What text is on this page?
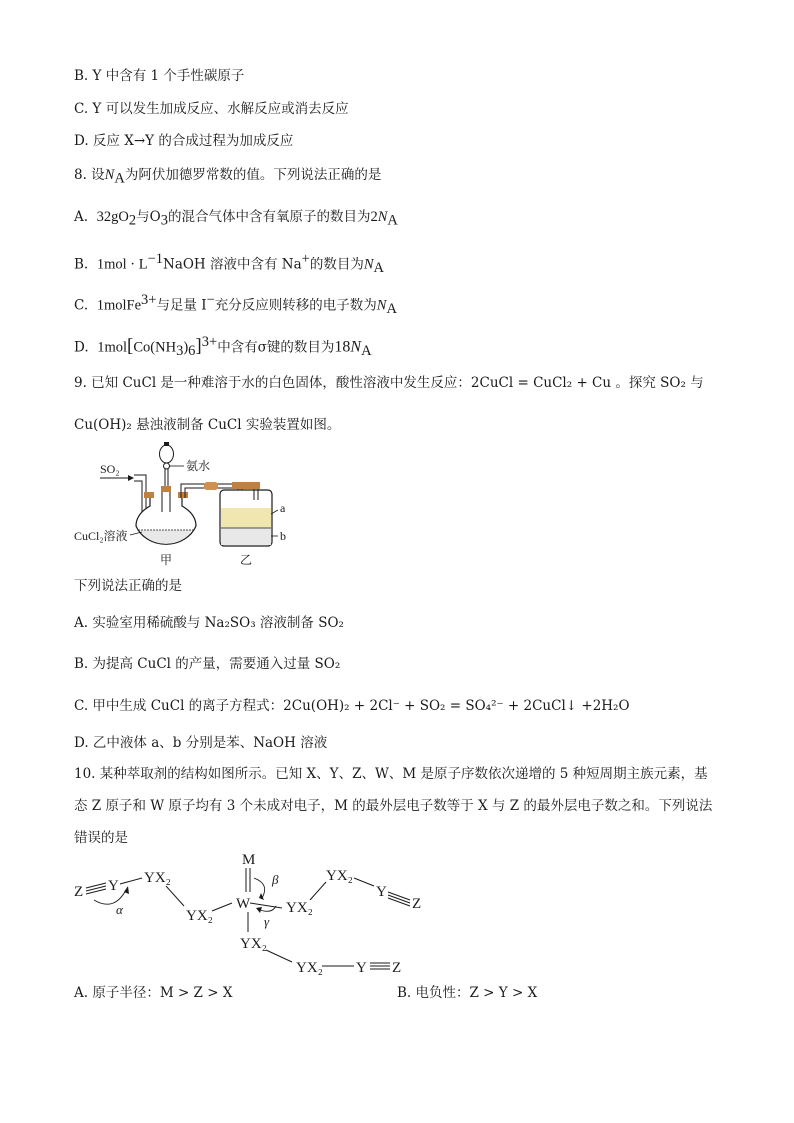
B. Y 中含有 1 个手性碳原子
C. Y 可以发生加成反应、水解反应或消去反应
D. 反应 X→Y 的合成过程为加成反应
8. 设$N_A$为阿伏加德罗常数的值。下列说法正确的是
A. $32gO_2$与$O_3$的混合气体中含有氧原子的数目为$2N_A$
B. $1mol \cdot L^{-1}NaOH$ 溶液中含有 Na+的数目为$N_A$
C. 1molFe$^{3+}$与足量 I−充分反应则转移的电子数为$N_A$
D. $1mol[Co(NH_3)_6]^{3+}$中含有σ键的数目为$18N_A$
9. 已知 CuCl 是一种难溶于水的白色固体，酸性溶液中发生反应：2CuCl = CuCl₂ + Cu 。探究 SO₂ 与
Cu(OH)₂ 悬浊液制备 CuCl 实验装置如图。
SO₂	氨水
a
b
CuCl₂溶液
甲	乙
下列说法正确的是
A. 实验室用稀硫酸与 Na₂SO₃ 溶液制备 SO₂
B. 为提高 CuCl 的产量，需要通入过量 SO₂
C. 甲中生成 CuCl 的离子方程式：2Cu(OH)₂ + 2Cl⁻ + SO₂ = SO₄²⁻ + 2CuCl↓ +2H₂O
D. 乙中液体 a、b 分别是苯、NaOH 溶液
10. 某种萃取剂的结构如图所示。已知 X、Y、Z、W、M 是原子序数依次递增的 5 种短周期主族元素，基
态 Z 原子和 W 原子均有 3 个未成对电子，M 的最外层电子数等于 X 与 Z 的最外层电子数之和。下列说法
错误的是
Z Y YX₂
YX₂
α	W
M
β
γ
YX₂
YX₂
Y
Z
YX₂
YX₂ Y Z
A. 原子半径：M > Z > X	B. 电负性：Z > Y > X
